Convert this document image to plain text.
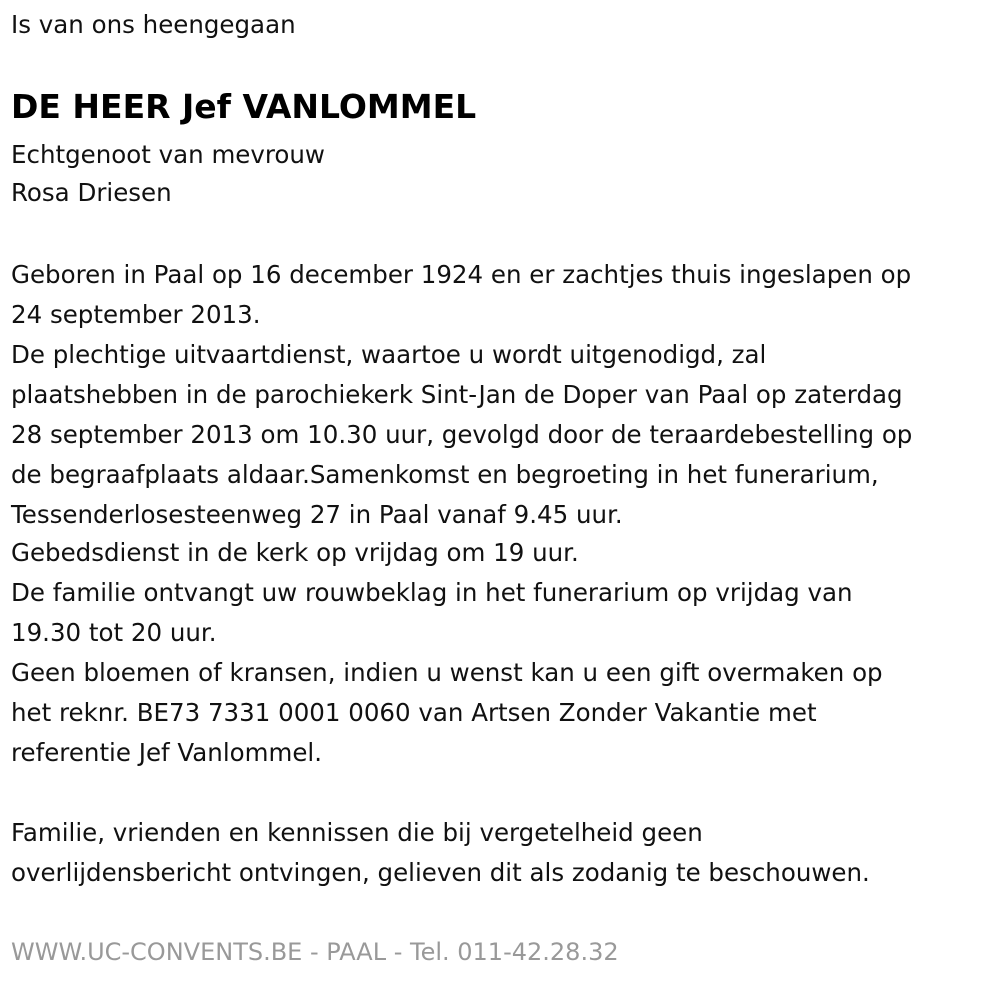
Is van ons heengegaan
DE HEER Jef VANLOMMEL
Echtgenoot van mevrouw
Rosa Driesen
Geboren in Paal op 16 december 1924 en er zachtjes thuis ingeslapen op
24 september 2013.
De plechtige uitvaartdienst, waartoe u wordt uitgenodigd, zal
plaatshebben in de parochiekerk Sint-Jan de Doper van Paal op zaterdag
28 september 2013 om 10.30 uur, gevolgd door de teraardebestelling op
de begraafplaats aldaar.Samenkomst en begroeting in het funerarium,
Tessenderlosesteenweg 27 in Paal vanaf 9.45 uur.
Gebedsdienst in de kerk op vrijdag om 19 uur.
De familie ontvangt uw rouwbeklag in het funerarium op vrijdag van
19.30 tot 20 uur.
Geen bloemen of kransen, indien u wenst kan u een gift overmaken op
het reknr. BE73 7331 0001 0060 van Artsen Zonder Vakantie met
referentie Jef Vanlommel.
Familie, vrienden en kennissen die bij vergetelheid geen
overlijdensbericht ontvingen, gelieven dit als zodanig te beschouwen.
WWW.UC-CONVENTS.BE - PAAL - Tel. 011-42.28.32
